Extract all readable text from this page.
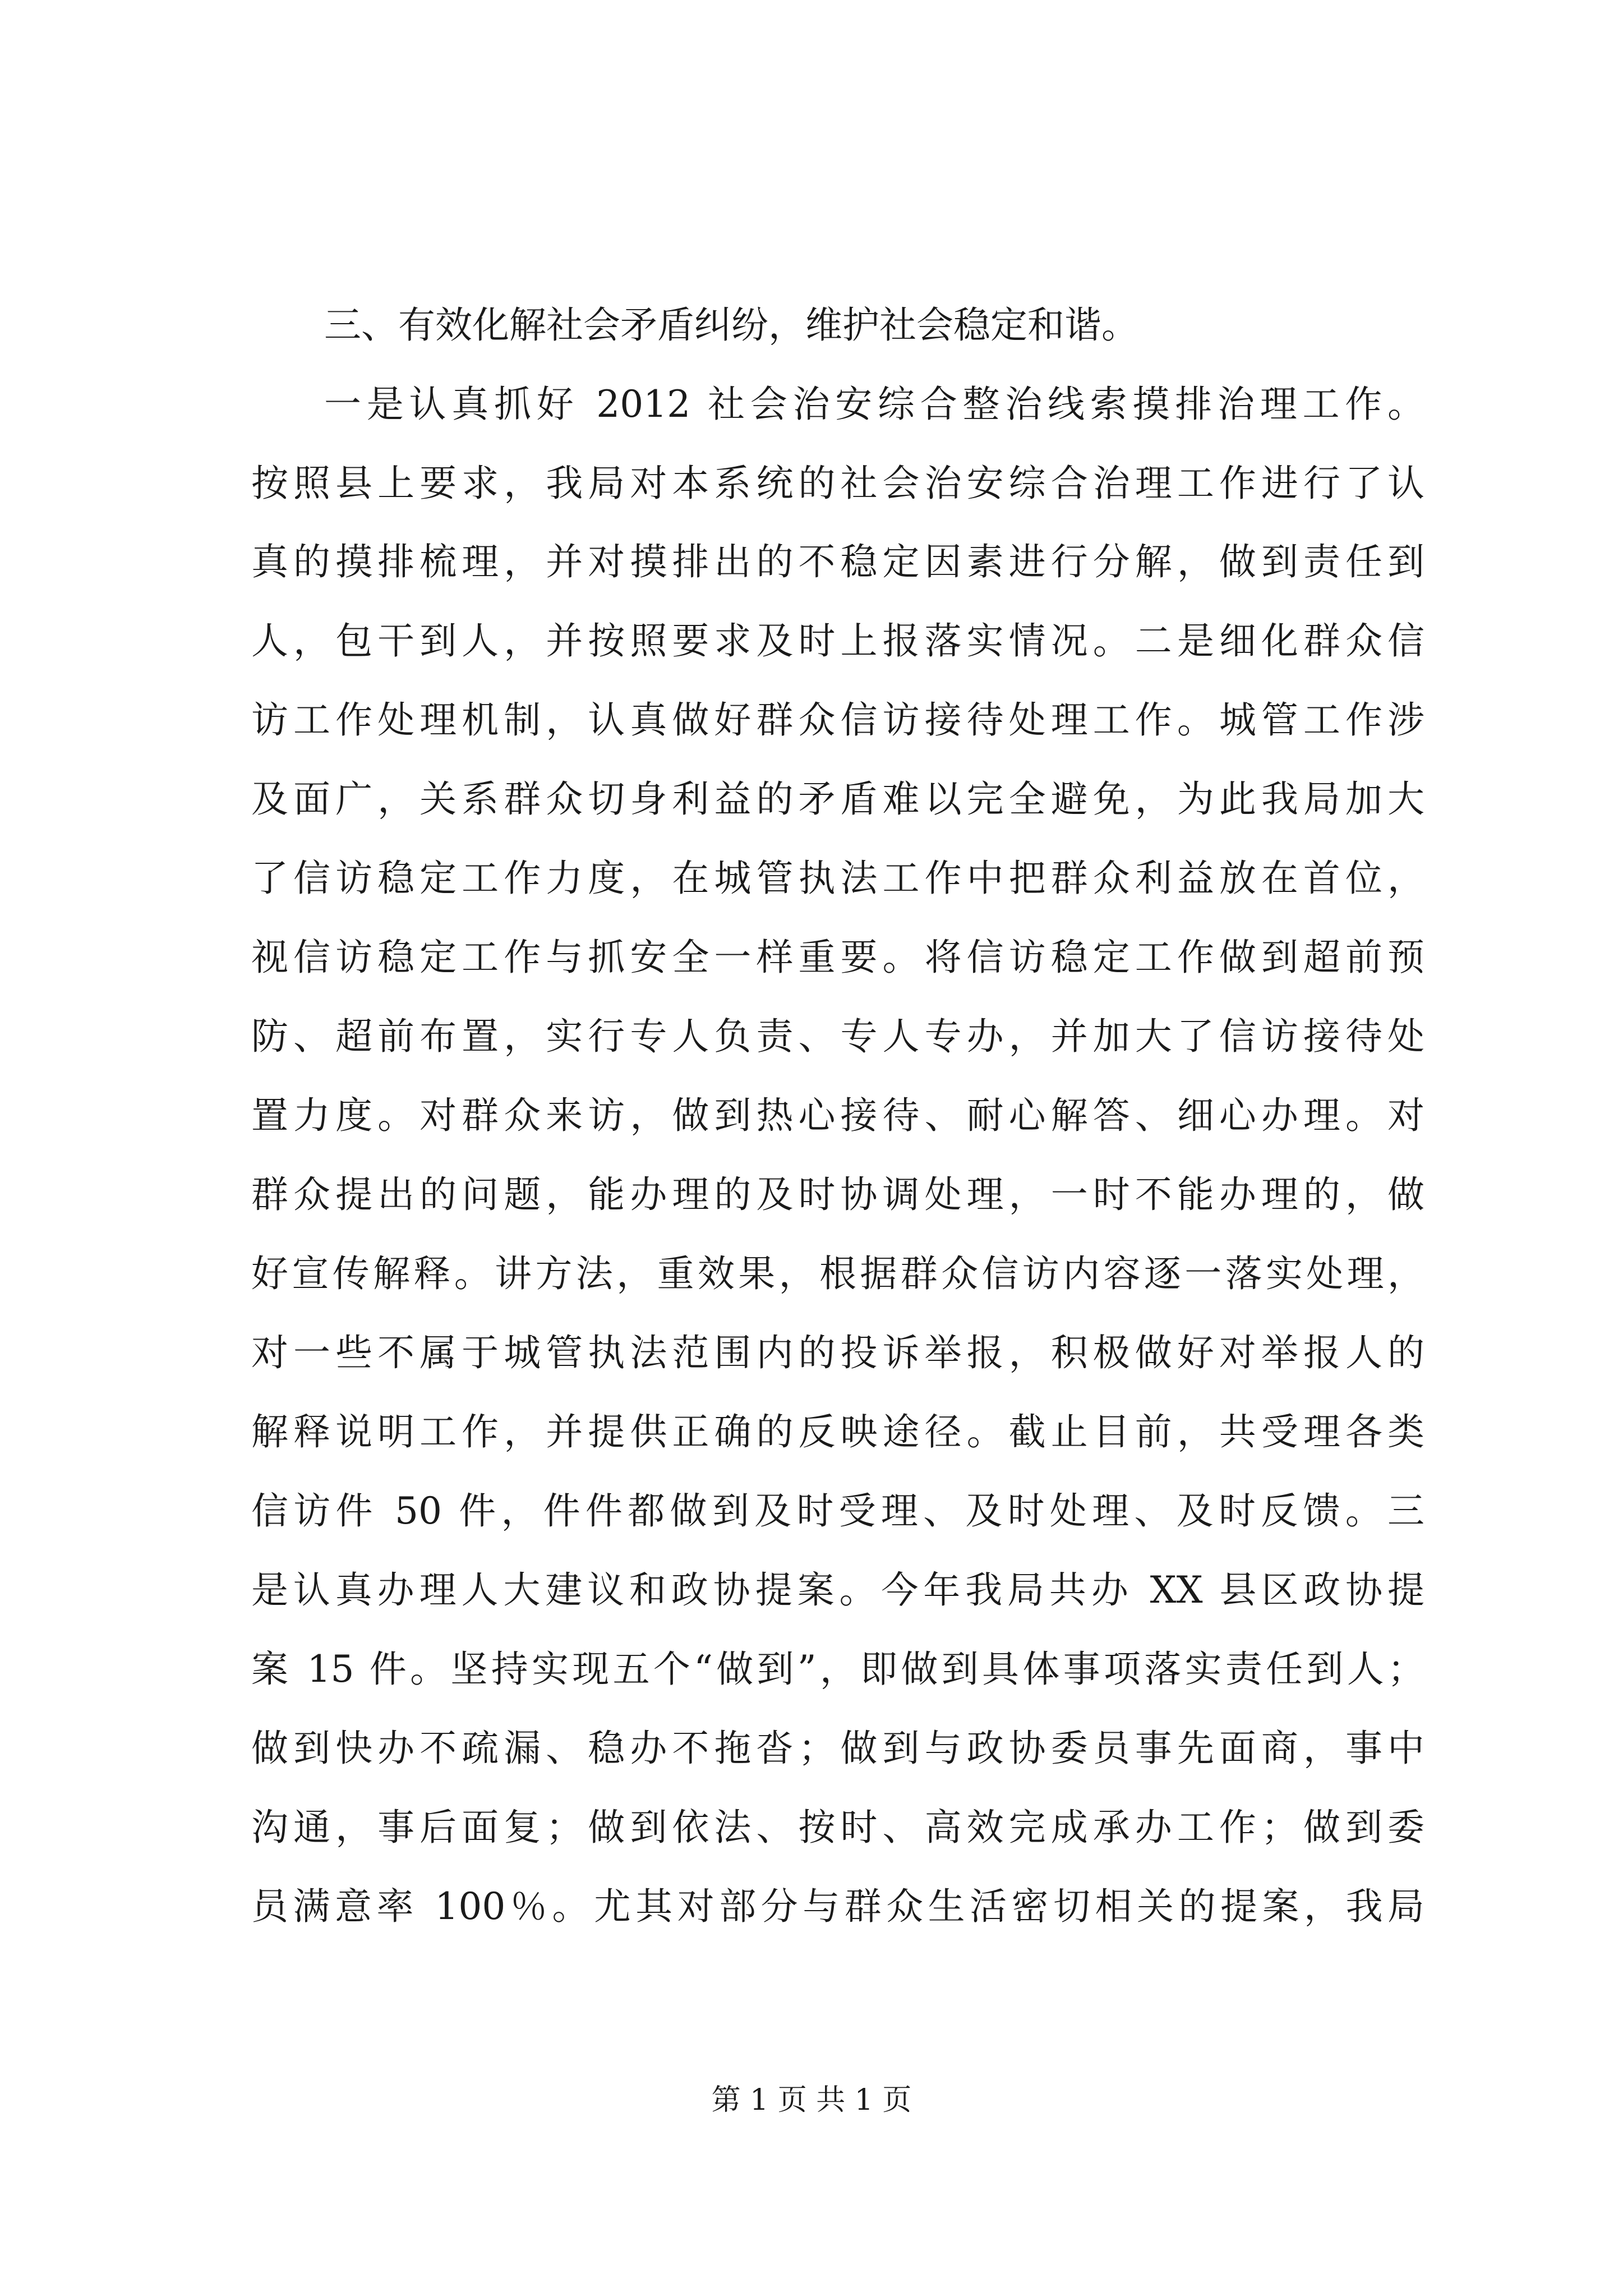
三、有效化解社会矛盾纠纷，维护社会稳定和谐。
一是认真抓好 2012 社会治安综合整治线索摸排治理工作。
按照县上要求，我局对本系统的社会治安综合治理工作进行了认
真的摸排梳理，并对摸排出的不稳定因素进行分解，做到责任到
人，包干到人，并按照要求及时上报落实情况。二是细化群众信
访工作处理机制，认真做好群众信访接待处理工作。城管工作涉
及面广，关系群众切身利益的矛盾难以完全避免，为此我局加大
了信访稳定工作力度，在城管执法工作中把群众利益放在首位，
视信访稳定工作与抓安全一样重要。将信访稳定工作做到超前预
防、超前布置，实行专人负责、专人专办，并加大了信访接待处
置力度。对群众来访，做到热心接待、耐心解答、细心办理。对
群众提出的问题，能办理的及时协调处理，一时不能办理的，做
好宣传解释。讲方法，重效果，根据群众信访内容逐一落实处理，
对一些不属于城管执法范围内的投诉举报，积极做好对举报人的
解释说明工作，并提供正确的反映途径。截止目前，共受理各类
信访件 50 件，件件都做到及时受理、及时处理、及时反馈。三
是认真办理人大建议和政协提案。今年我局共办 XX 县区政协提
案 15 件。坚持实现五个“做到”，即做到具体事项落实责任到人；
做到快办不疏漏、稳办不拖沓；做到与政协委员事先面商，事中
沟通，事后面复；做到依法、按时、高效完成承办工作；做到委
员满意率 100％。尤其对部分与群众生活密切相关的提案，我局
第 1 页 共 1 页
